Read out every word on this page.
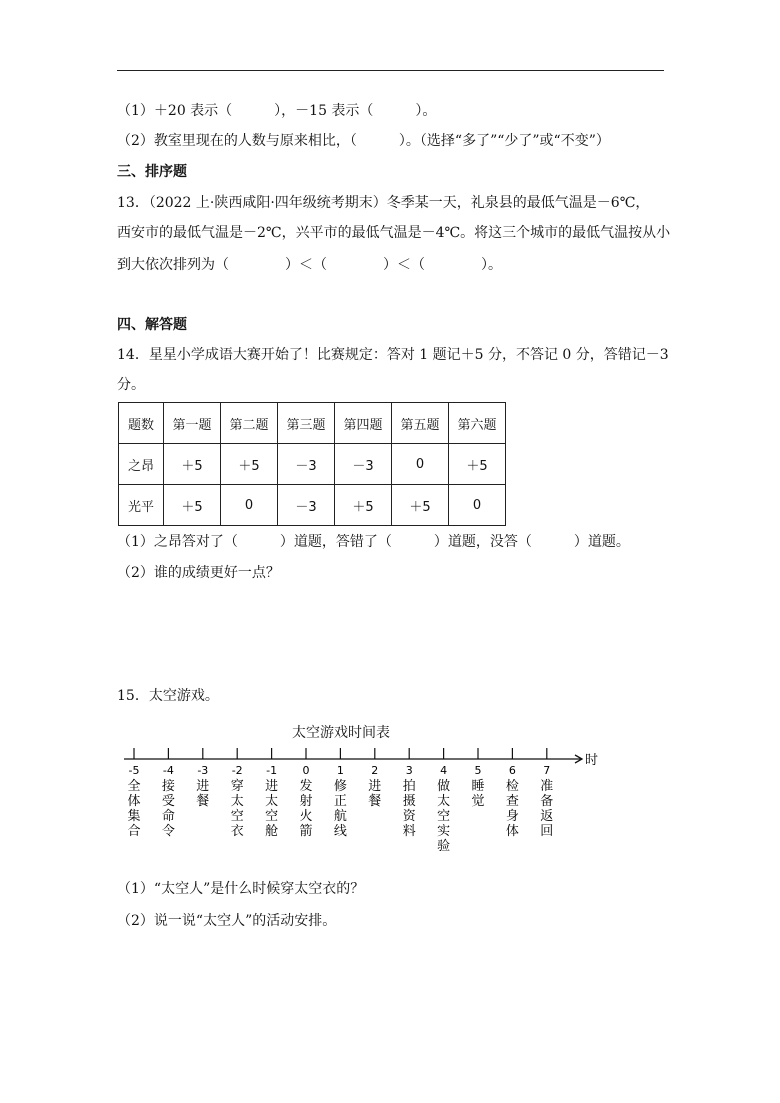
（1）＋20 表示（　　　），－15 表示（　　　）。
（2）教室里现在的人数与原来相比，（　　　）。（选择“多了”“少了”或“不变”）
三、排序题
13．（2022 上·陕西咸阳·四年级统考期末）冬季某一天，礼泉县的最低气温是－6℃，
西安市的最低气温是－2℃，兴平市的最低气温是－4℃。将这三个城市的最低气温按从小
到大依次排列为（　　　　）＜（　　　　）＜（　　　　）。
四、解答题
14．星星小学成语大赛开始了！比赛规定：答对 1 题记＋5 分，不答记 0 分，答错记－3
分。
题数	第一题	第二题	第三题	第四题	第五题	第六题
之昂	＋5	＋5	－3	－3	0	＋5
光平	＋5	0	－3	＋5	＋5	0
（1）之昂答对了（　　　）道题，答错了（　　　）道题，没答（　　　）道题。
（2）谁的成绩更好一点？
15．太空游戏。
太空游戏时间表
时
-5
全
体
集
合
-4
接
受
命
令
-3
进
餐
-2
穿
太
空
衣
-1
进
太
空
舱
0
发
射
火
箭
1
修
正
航
线
2
进
餐
3
拍
摄
资
料
4
做
太
空
实
验
5
睡
觉
6
检
查
身
体
7
准
备
返
回
（1）“太空人”是什么时候穿太空衣的？
（2）说一说“太空人”的活动安排。
